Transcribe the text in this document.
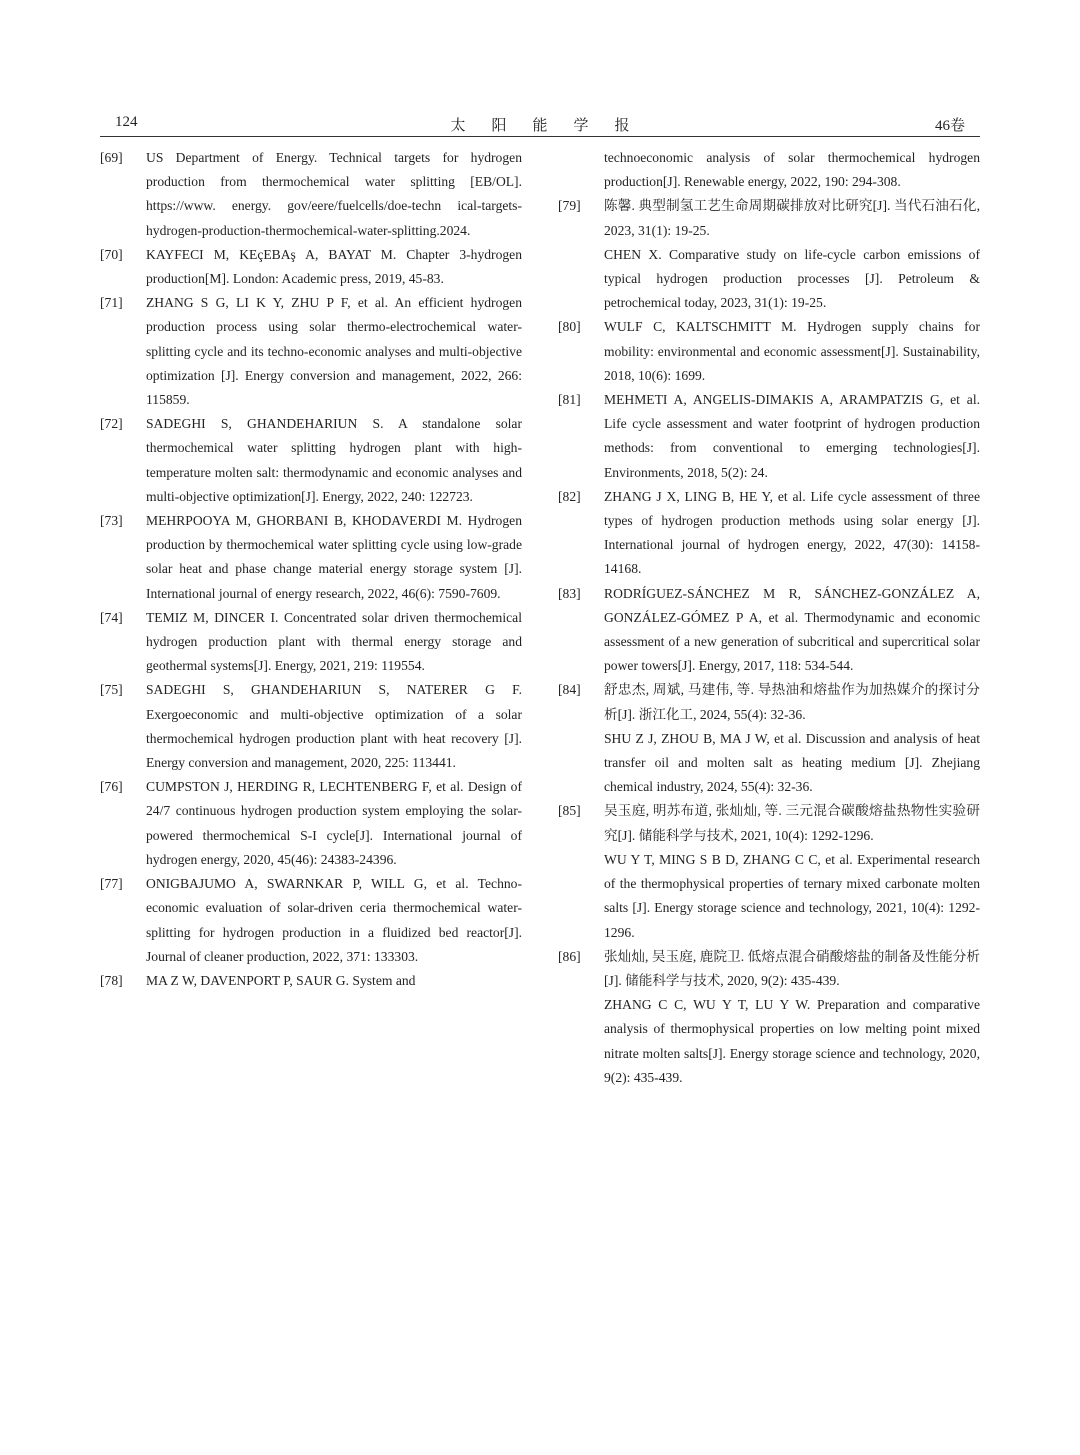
124	太阳能学报	46卷
[69]	US Department of Energy. Technical targets for hydrogen production from thermochemical water splitting [EB/OL]. https://www. energy. gov/eere/fuelcells/doe-techn ical-targets-hydrogen-production-thermochemical-water-splitting.2024.

[70]	KAYFECI M, KEçEBAş A, BAYAT M. Chapter 3-hydrogen production[M]. London: Academic press, 2019, 45-83.

[71]	ZHANG S G, LI K Y, ZHU P F, et al. An efficient hydrogen production process using solar thermo-electrochemical water-splitting cycle and its techno-economic analyses and multi-objective optimization [J]. Energy conversion and management, 2022, 266: 115859.

[72]	SADEGHI S, GHANDEHARIUN S. A standalone solar thermochemical water splitting hydrogen plant with high-temperature molten salt: thermodynamic and economic analyses and multi-objective optimization[J]. Energy, 2022, 240: 122723.

[73]	MEHRPOOYA M, GHORBANI B, KHODAVERDI M. Hydrogen production by thermochemical water splitting cycle using low-grade solar heat and phase change material energy storage system [J]. International journal of energy research, 2022, 46(6): 7590-7609.

[74]	TEMIZ M, DINCER I. Concentrated solar driven thermochemical hydrogen production plant with thermal energy storage and geothermal systems[J]. Energy, 2021, 219: 119554.

[75]	SADEGHI S, GHANDEHARIUN S, NATERER G F. Exergoeconomic and multi-objective optimization of a solar thermochemical hydrogen production plant with heat recovery [J]. Energy conversion and management, 2020, 225: 113441.

[76]	CUMPSTON J, HERDING R, LECHTENBERG F, et al. Design of 24/7 continuous hydrogen production system employing the solar-powered thermochemical S-I cycle[J]. International journal of hydrogen energy, 2020, 45(46): 24383-24396.

[77]	ONIGBAJUMO A, SWARNKAR P, WILL G, et al. Techno-economic evaluation of solar-driven ceria thermochemical water-splitting for hydrogen production in a fluidized bed reactor[J]. Journal of cleaner production, 2022, 371: 133303.

[78]	MA Z W, DAVENPORT P, SAUR G. System and

technoeconomic analysis of solar thermochemical hydrogen production[J]. Renewable energy, 2022, 190: 294-308.

[79]	陈馨. 典型制氢工艺生命周期碳排放对比研究[J]. 当代石油石化, 2023, 31(1): 19-25.

CHEN X. Comparative study on life-cycle carbon emissions of typical hydrogen production processes [J]. Petroleum & petrochemical today, 2023, 31(1): 19-25.

[80]	WULF C, KALTSCHMITT M. Hydrogen supply chains for mobility: environmental and economic assessment[J]. Sustainability, 2018, 10(6): 1699.

[81]	MEHMETI A, ANGELIS-DIMAKIS A, ARAMPATZIS G, et al. Life cycle assessment and water footprint of hydrogen production methods: from conventional to emerging technologies[J]. Environments, 2018, 5(2): 24.

[82]	ZHANG J X, LING B, HE Y, et al. Life cycle assessment of three types of hydrogen production methods using solar energy [J]. International journal of hydrogen energy, 2022, 47(30): 14158-14168.

[83]	RODRÍGUEZ-SÁNCHEZ M R, SÁNCHEZ-GONZÁLEZ A, GONZÁLEZ-GÓMEZ P A, et al. Thermodynamic and economic assessment of a new generation of subcritical and supercritical solar power towers[J]. Energy, 2017, 118: 534-544.

[84]	舒忠杰, 周斌, 马建伟, 等. 导热油和熔盐作为加热媒介的探讨分析[J]. 浙江化工, 2024, 55(4): 32-36.

SHU Z J, ZHOU B, MA J W, et al. Discussion and analysis of heat transfer oil and molten salt as heating medium [J]. Zhejiang chemical industry, 2024, 55(4): 32-36.

[85]	吴玉庭, 明苏布道, 张灿灿, 等. 三元混合碳酸熔盐热物性实验研究[J]. 储能科学与技术, 2021, 10(4): 1292-1296.

WU Y T, MING S B D, ZHANG C C, et al. Experimental research of the thermophysical properties of ternary mixed carbonate molten salts [J]. Energy storage science and technology, 2021, 10(4): 1292-1296.

[86]	张灿灿, 吴玉庭, 鹿院卫. 低熔点混合硝酸熔盐的制备及性能分析[J]. 储能科学与技术, 2020, 9(2): 435-439.

ZHANG C C, WU Y T, LU Y W. Preparation and comparative analysis of thermophysical properties on low melting point mixed nitrate molten salts[J]. Energy storage science and technology, 2020, 9(2): 435-439.
